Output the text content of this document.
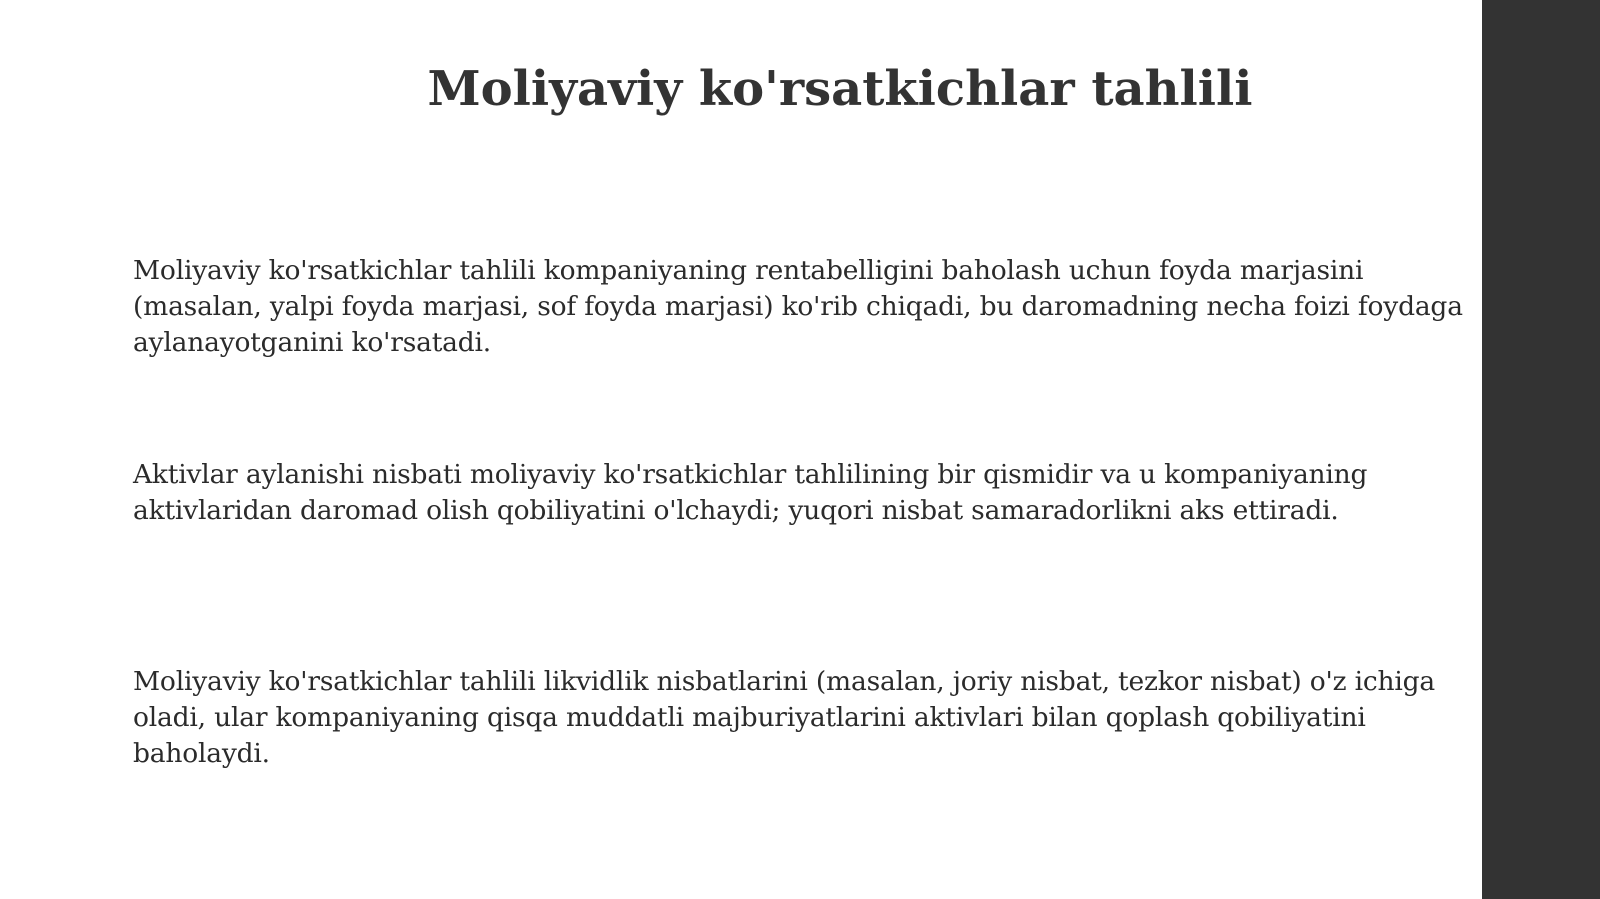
Moliyaviy ko'rsatkichlar tahlili

Moliyaviy ko'rsatkichlar tahlili kompaniyaning rentabelligini baholash uchun foyda marjasini (masalan, yalpi foyda marjasi, sof foyda marjasi) ko'rib chiqadi, bu daromadning necha foizi foydaga aylanayotganini ko'rsatadi.

Aktivlar aylanishi nisbati moliyaviy ko'rsatkichlar tahlilining bir qismidir va u kompaniyaning aktivlaridan daromad olish qobiliyatini o'lchaydi; yuqori nisbat samaradorlikni aks ettiradi.

Moliyaviy ko'rsatkichlar tahlili likvidlik nisbatlarini (masalan, joriy nisbat, tezkor nisbat) o'z ichiga oladi, ular kompaniyaning qisqa muddatli majburiyatlarini aktivlari bilan qoplash qobiliyatini baholaydi.
